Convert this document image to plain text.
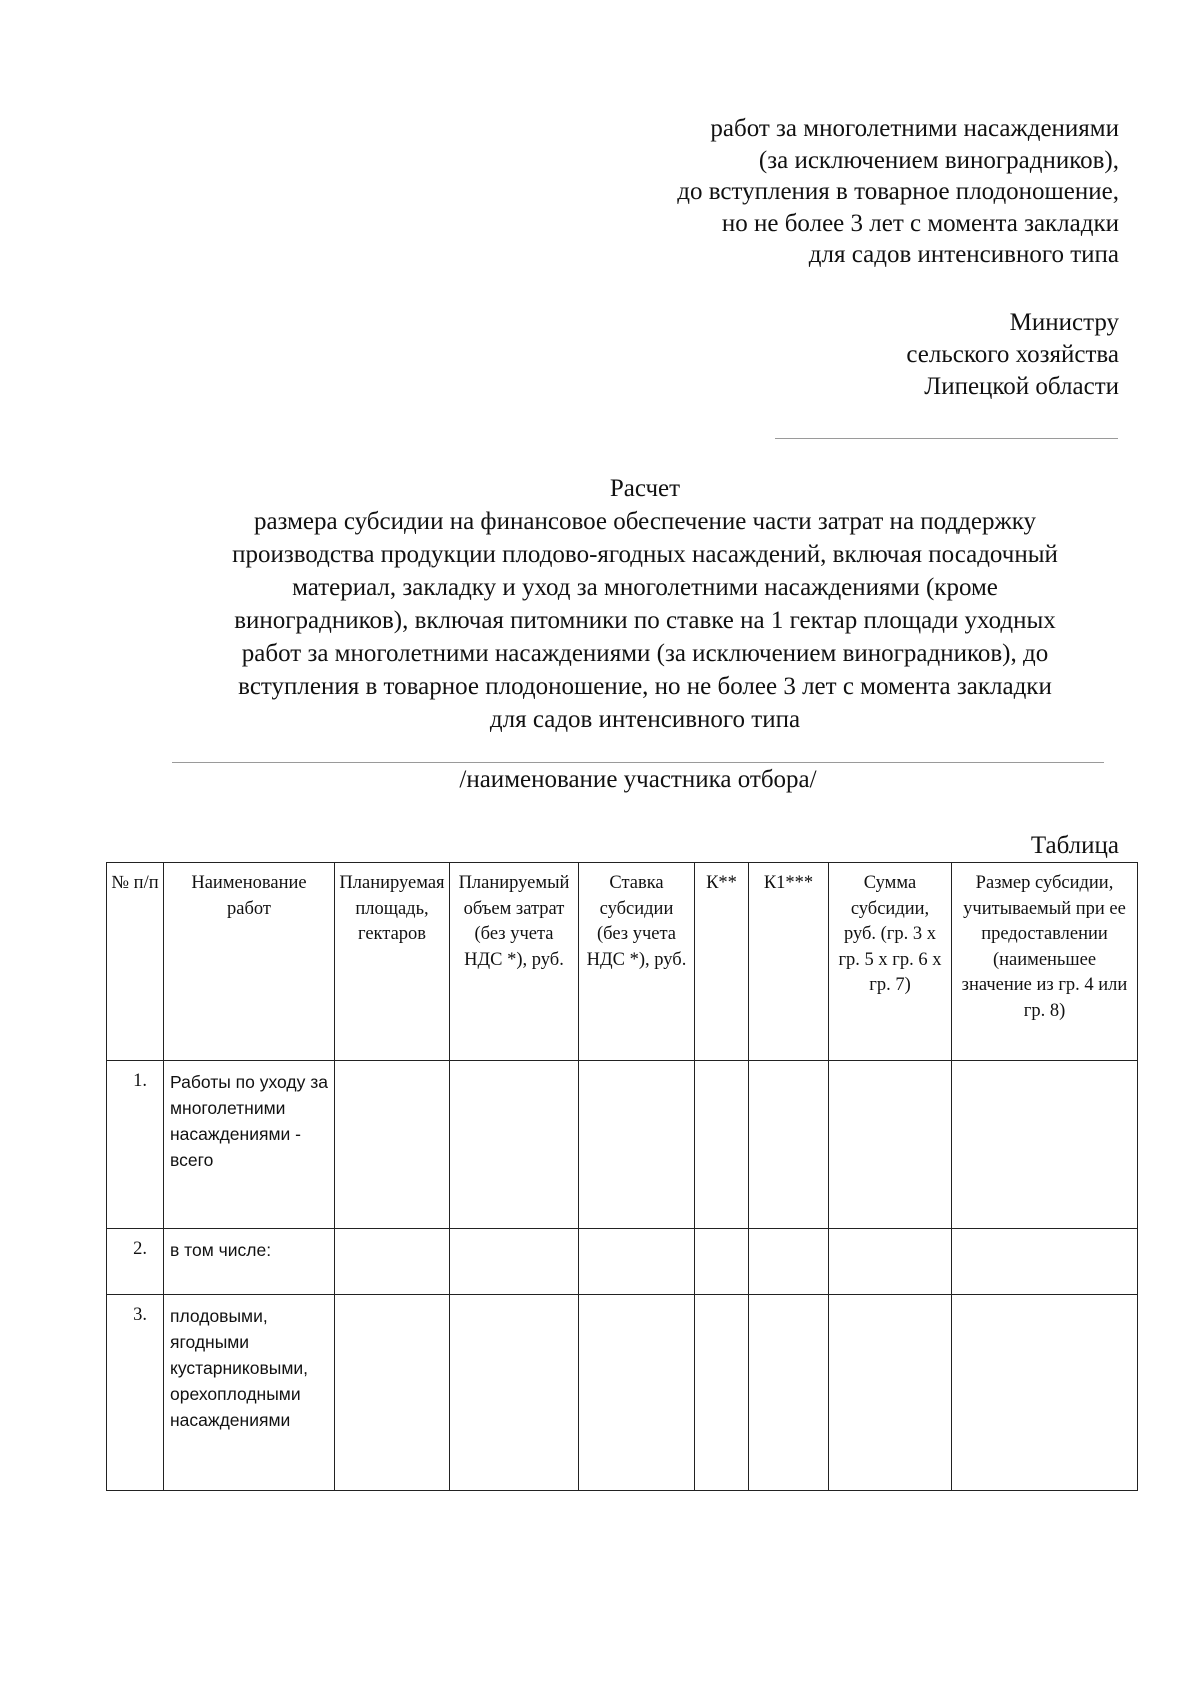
работ за многолетними насаждениями
(за исключением виноградников),
до вступления в товарное плодоношение,
но не более 3 лет с момента закладки
для садов интенсивного типа
Министру
сельского хозяйства
Липецкой области
Расчет
размера субсидии на финансовое обеспечение части затрат на поддержку
производства продукции плодово-ягодных насаждений, включая посадочный
материал, закладку и уход за многолетними насаждениями (кроме
виноградников), включая питомники по ставке на 1 гектар площади уходных
работ за многолетними насаждениями (за исключением виноградников), до
вступления в товарное плодоношение, но не более 3 лет с момента закладки
для садов интенсивного типа
/наименование участника отбора/
Таблица
№ п/п	Наименование работ	Планируемая площадь, гектаров	Планируемый объем затрат (без учета НДС *), руб.	Ставка субсидии (без учета НДС *), руб.	К**	К1***	Сумма субсидии, руб. (гр. 3 х гр. 5 х гр. 6 х гр. 7)	Размер субсидии, учитываемый при ее предоставлении (наименьшее значение из гр. 4 или гр. 8)
1.	Работы по уходу за многолетними насаждениями - всего							
2.	в том числе:							
3.	плодовыми, ягодными кустарниковыми, орехоплодными насаждениями							
